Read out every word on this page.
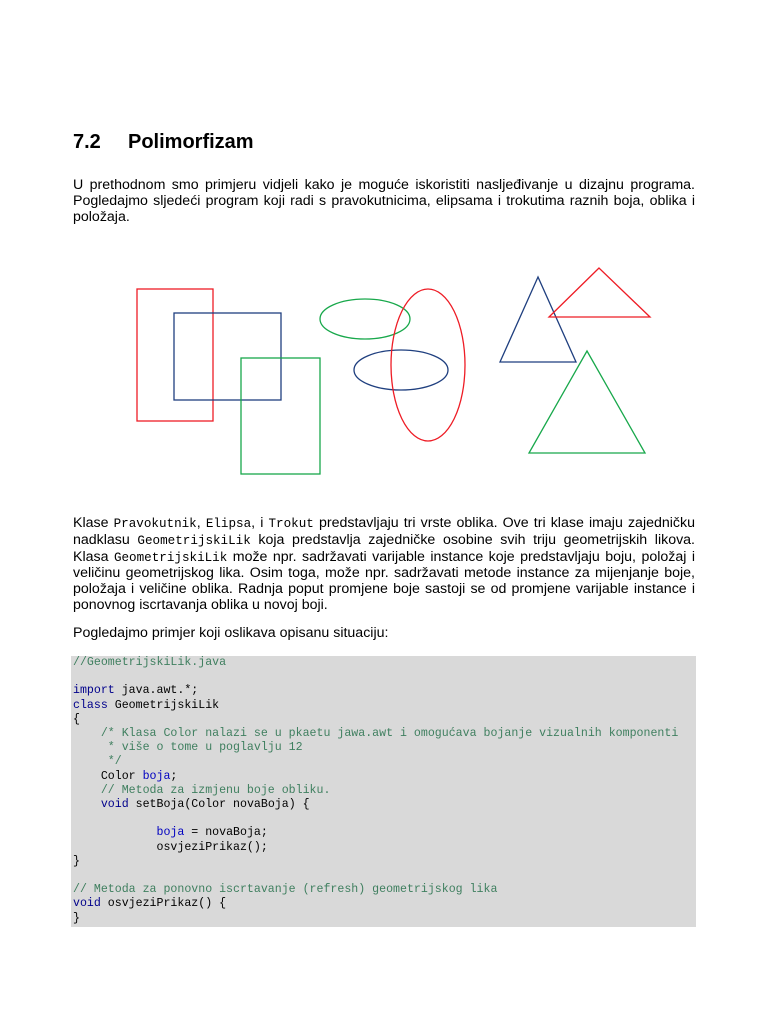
7.2 Polimorfizam
U prethodnom smo primjeru vidjeli kako je moguće iskoristiti nasljeđivanje u dizajnu programa.
Pogledajmo sljedeći program koji radi s pravokutnicima, elipsama i trokutima raznih boja, oblika i
položaja.
Klase Pravokutnik, Elipsa, i Trokut predstavljaju tri vrste oblika. Ove tri klase imaju zajedničku
nadklasu GeometrijskiLik koja predstavlja zajedničke osobine svih triju geometrijskih likova.
Klasa GeometrijskiLik može npr. sadržavati varijable instance koje predstavljaju boju, položaj i
veličinu geometrijskog lika. Osim toga, može npr. sadržavati metode instance za mijenjanje boje,
položaja i veličine oblika. Radnja poput promjene boje sastoji se od promjene varijable instance i
ponovnog iscrtavanja oblika u novoj boji.
Pogledajmo primjer koji oslikava opisanu situaciju:
//GeometrijskiLik.java

import java.awt.*;
class GeometrijskiLik
{
/* Klasa Color nalazi se u pkaetu jawa.awt i omogućava bojanje vizualnih komponenti
* više o tome u poglavlju 12
*/
Color boja;
// Metoda za izmjenu boje obliku.
void setBoja(Color novaBoja) {

boja = novaBoja;
osvjeziPrikaz();
}

// Metoda za ponovno iscrtavanje (refresh) geometrijskog lika
void osvjeziPrikaz() {
}
